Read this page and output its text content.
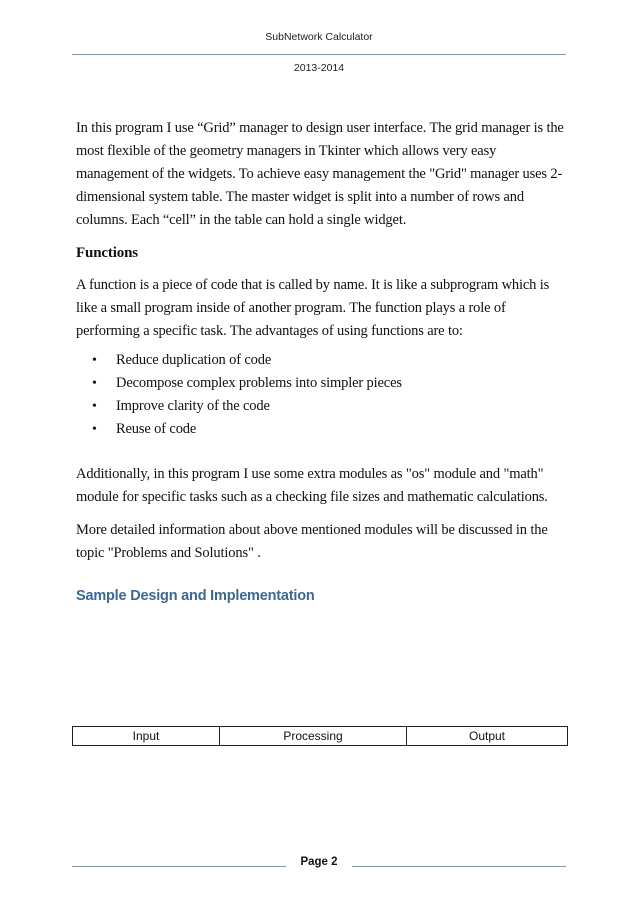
SubNetwork Calculator
2013-2014

In this program I use “Grid” manager to design user interface. The grid manager is the most flexible of the geometry managers in Tkinter which allows very easy management of the widgets. To achieve easy management the "Grid" manager uses 2-dimensional system table. The master widget is split into a number of rows and columns. Each “cell” in the table can hold a single widget.

Functions

A function is a piece of code that is called by name. It is like a subprogram which is like a small program inside of another program. The function plays a role of performing a specific task. The advantages of using functions are to:

• Reduce duplication of code
• Decompose complex problems into simpler pieces
• Improve clarity of the code
• Reuse of code

Additionally, in this program I use some extra modules as "os" module and "math" module for specific tasks such as a checking file sizes and mathematic calculations.

More detailed information about above mentioned modules will be discussed in the topic "Problems and Solutions" .

Sample Design and Implementation

Input	Processing	Output
Page 2
